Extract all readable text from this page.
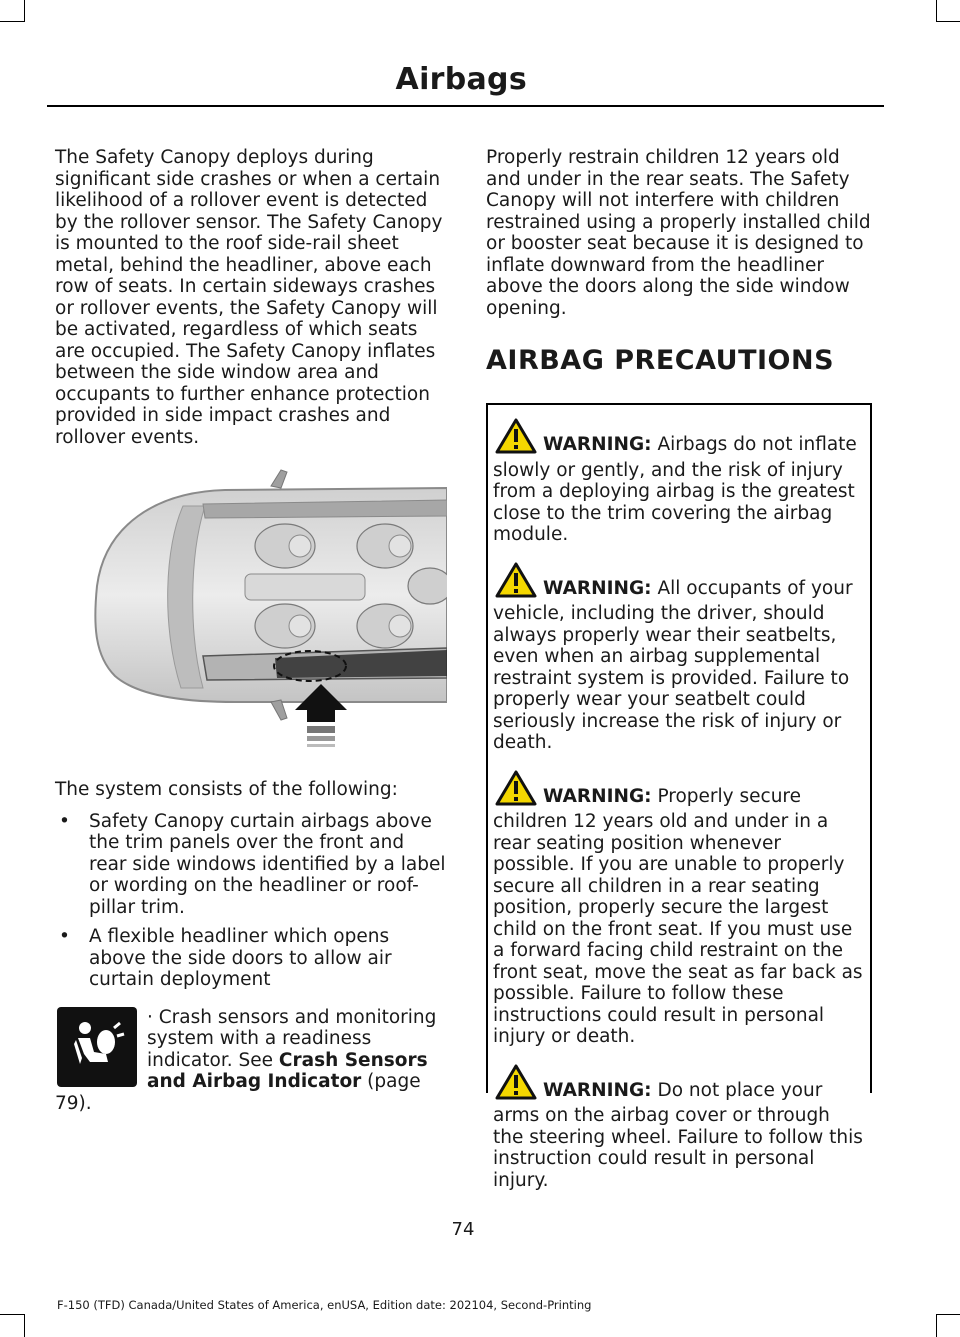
Airbags

The Safety Canopy deploys during significant side crashes or when a certain likelihood of a rollover event is detected by the rollover sensor. The Safety Canopy is mounted to the roof side-rail sheet metal, behind the headliner, above each row of seats. In certain sideways crashes or rollover events, the Safety Canopy will be activated, regardless of which seats are occupied. The Safety Canopy inflates between the side window area and occupants to further enhance protection provided in side impact crashes and rollover events.

The system consists of the following:

• Safety Canopy curtain airbags above the trim panels over the front and rear side windows identified by a label or wording on the headliner or roof-pillar trim.
• A flexible headliner which opens above the side doors to allow air curtain deployment

· Crash sensors and monitoring system with a readiness indicator. See Crash Sensors and Airbag Indicator (page 79).

Properly restrain children 12 years old and under in the rear seats. The Safety Canopy will not interfere with children restrained using a properly installed child or booster seat because it is designed to inflate downward from the headliner above the doors along the side window opening.

AIRBAG PRECAUTIONS

WARNING: Airbags do not inflate slowly or gently, and the risk of injury from a deploying airbag is the greatest close to the trim covering the airbag module.

WARNING: All occupants of your vehicle, including the driver, should always properly wear their seatbelts, even when an airbag supplemental restraint system is provided. Failure to properly wear your seatbelt could seriously increase the risk of injury or death.

WARNING: Properly secure children 12 years old and under in a rear seating position whenever possible. If you are unable to properly secure all children in a rear seating position, properly secure the largest child on the front seat. If you must use a forward facing child restraint on the front seat, move the seat as far back as possible. Failure to follow these instructions could result in personal injury or death.

WARNING: Do not place your arms on the airbag cover or through the steering wheel. Failure to follow this instruction could result in personal injury.

74
F-150 (TFD) Canada/United States of America, enUSA, Edition date: 202104, Second-Printing
